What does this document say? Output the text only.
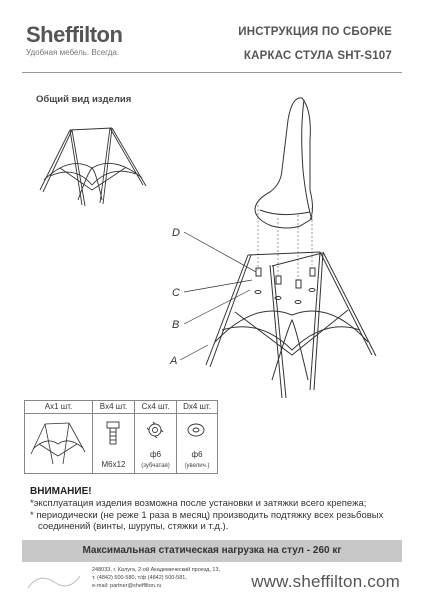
Sheffilton
Удобная мебель. Всегда.
ИНСТРУКЦИЯ ПО СБОРКЕ
КАРКАС СТУЛА SHT-S107
Общий вид изделия
D
C
B
A
Ax1 шт.	Bx4 шт.
M6x12
Cx4 шт.
ф6
(зубчатая)
Dx4 шт.
ф6
(увелич.)
ВНИМАНИЕ!
*эксплуатация изделия возможна после установки и затяжки всего крепежа;
* периодически (не реже 1 раза в месяц) производить подтяжку всех резьбовых
соединений (винты, шурупы, стяжки и т.д.).
Максимальная статическая нагрузка на стул - 260 кг
248033, г. Калуга, 2-ой Академический проезд, 13,
т. (4842) 500-580, т/ф (4842) 500-581,
e-mail: partner@sheffilton.ru	www.sheffilton.com
